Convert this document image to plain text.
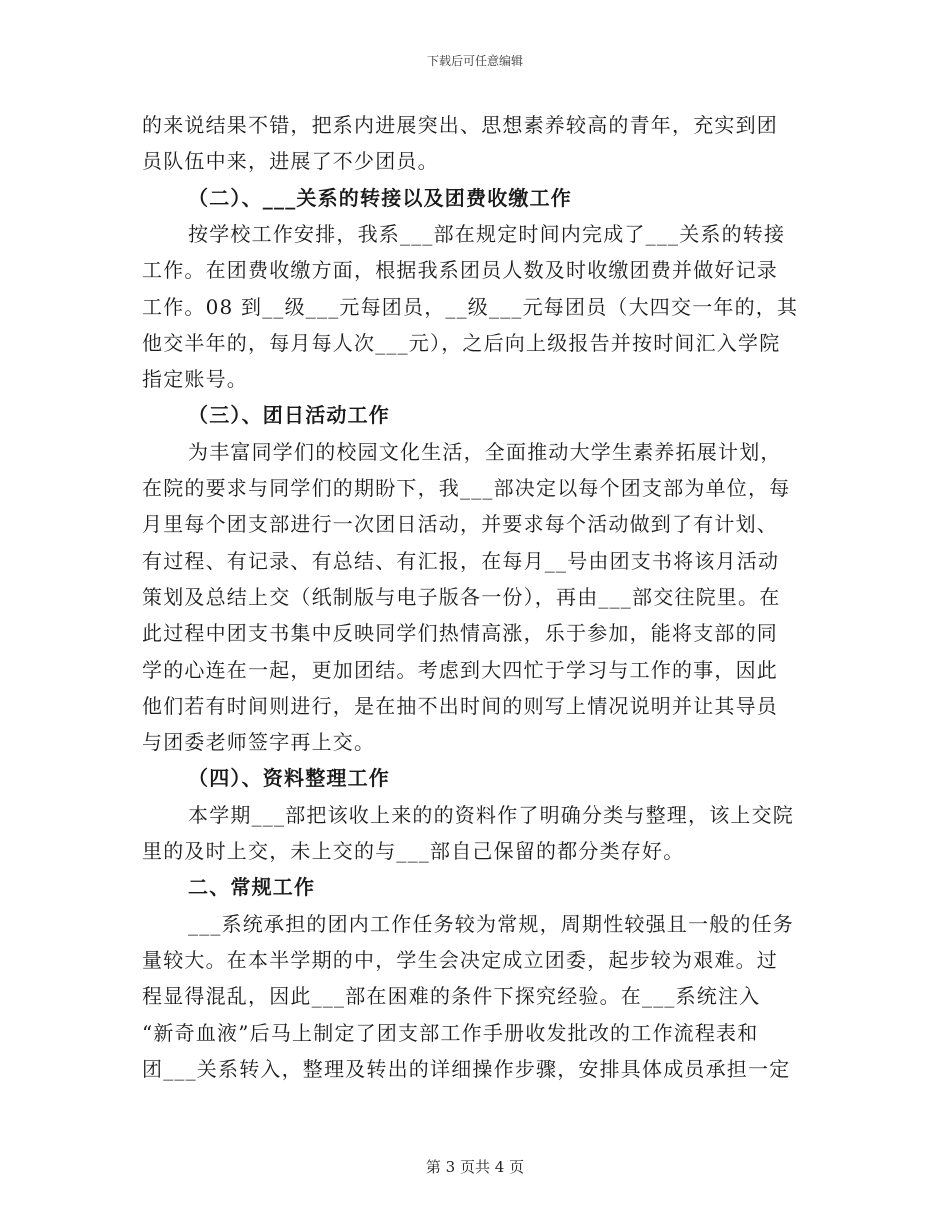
下载后可任意编辑
的来说结果不错，把系内进展突出、思想素养较高的青年，充实到团
员队伍中来，进展了不少团员。
（二）、___关系的转接以及团费收缴工作
按学校工作安排，我系___部在规定时间内完成了___关系的转接
工作。在团费收缴方面，根据我系团员人数及时收缴团费并做好记录
工作。08 到__级___元每团员，__级___元每团员（大四交一年的，其
他交半年的，每月每人次___元），之后向上级报告并按时间汇入学院
指定账号。
（三）、团日活动工作
为丰富同学们的校园文化生活，全面推动大学生素养拓展计划，
在院的要求与同学们的期盼下，我___部决定以每个团支部为单位，每
月里每个团支部进行一次团日活动，并要求每个活动做到了有计划、
有过程、有记录、有总结、有汇报，在每月__号由团支书将该月活动
策划及总结上交（纸制版与电子版各一份），再由___部交往院里。在
此过程中团支书集中反映同学们热情高涨，乐于参加，能将支部的同
学的心连在一起，更加团结。考虑到大四忙于学习与工作的事，因此
他们若有时间则进行，是在抽不出时间的则写上情况说明并让其导员
与团委老师签字再上交。
（四）、资料整理工作
本学期___部把该收上来的的资料作了明确分类与整理，该上交院
里的及时上交，未上交的与___部自己保留的都分类存好。
二、常规工作
___系统承担的团内工作任务较为常规，周期性较强且一般的任务
量较大。在本半学期的中，学生会决定成立团委，起步较为艰难。过
程显得混乱，因此___部在困难的条件下探究经验。在___系统注入
“新奇血液”后马上制定了团支部工作手册收发批改的工作流程表和
团___关系转入，整理及转出的详细操作步骤，安排具体成员承担一定
第 3 页共 4 页
